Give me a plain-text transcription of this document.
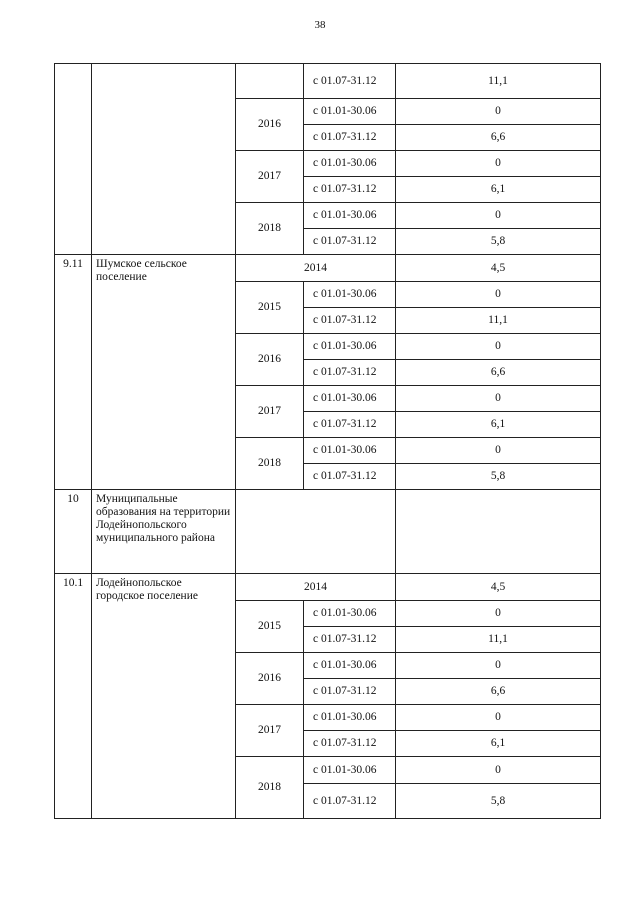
38
			с 01.07-31.12	11,1
		2016	с 01.01-30.06	0
			с 01.07-31.12	6,6
		2017	с 01.01-30.06	0
			с 01.07-31.12	6,1
		2018	с 01.01-30.06	0
			с 01.07-31.12	5,8
9.11	Шумское сельское поселение	2014		4,5
		2015	с 01.01-30.06	0
			с 01.07-31.12	11,1
		2016	с 01.01-30.06	0
			с 01.07-31.12	6,6
		2017	с 01.01-30.06	0
			с 01.07-31.12	6,1
		2018	с 01.01-30.06	0
			с 01.07-31.12	5,8
10	Муниципальные образования на территории Лодейнопольского муниципального района			
10.1	Лодейнопольское городское поселение	2014		4,5
		2015	с 01.01-30.06	0
			с 01.07-31.12	11,1
		2016	с 01.01-30.06	0
			с 01.07-31.12	6,6
		2017	с 01.01-30.06	0
			с 01.07-31.12	6,1
		2018	с 01.01-30.06	0
			с 01.07-31.12	5,8
